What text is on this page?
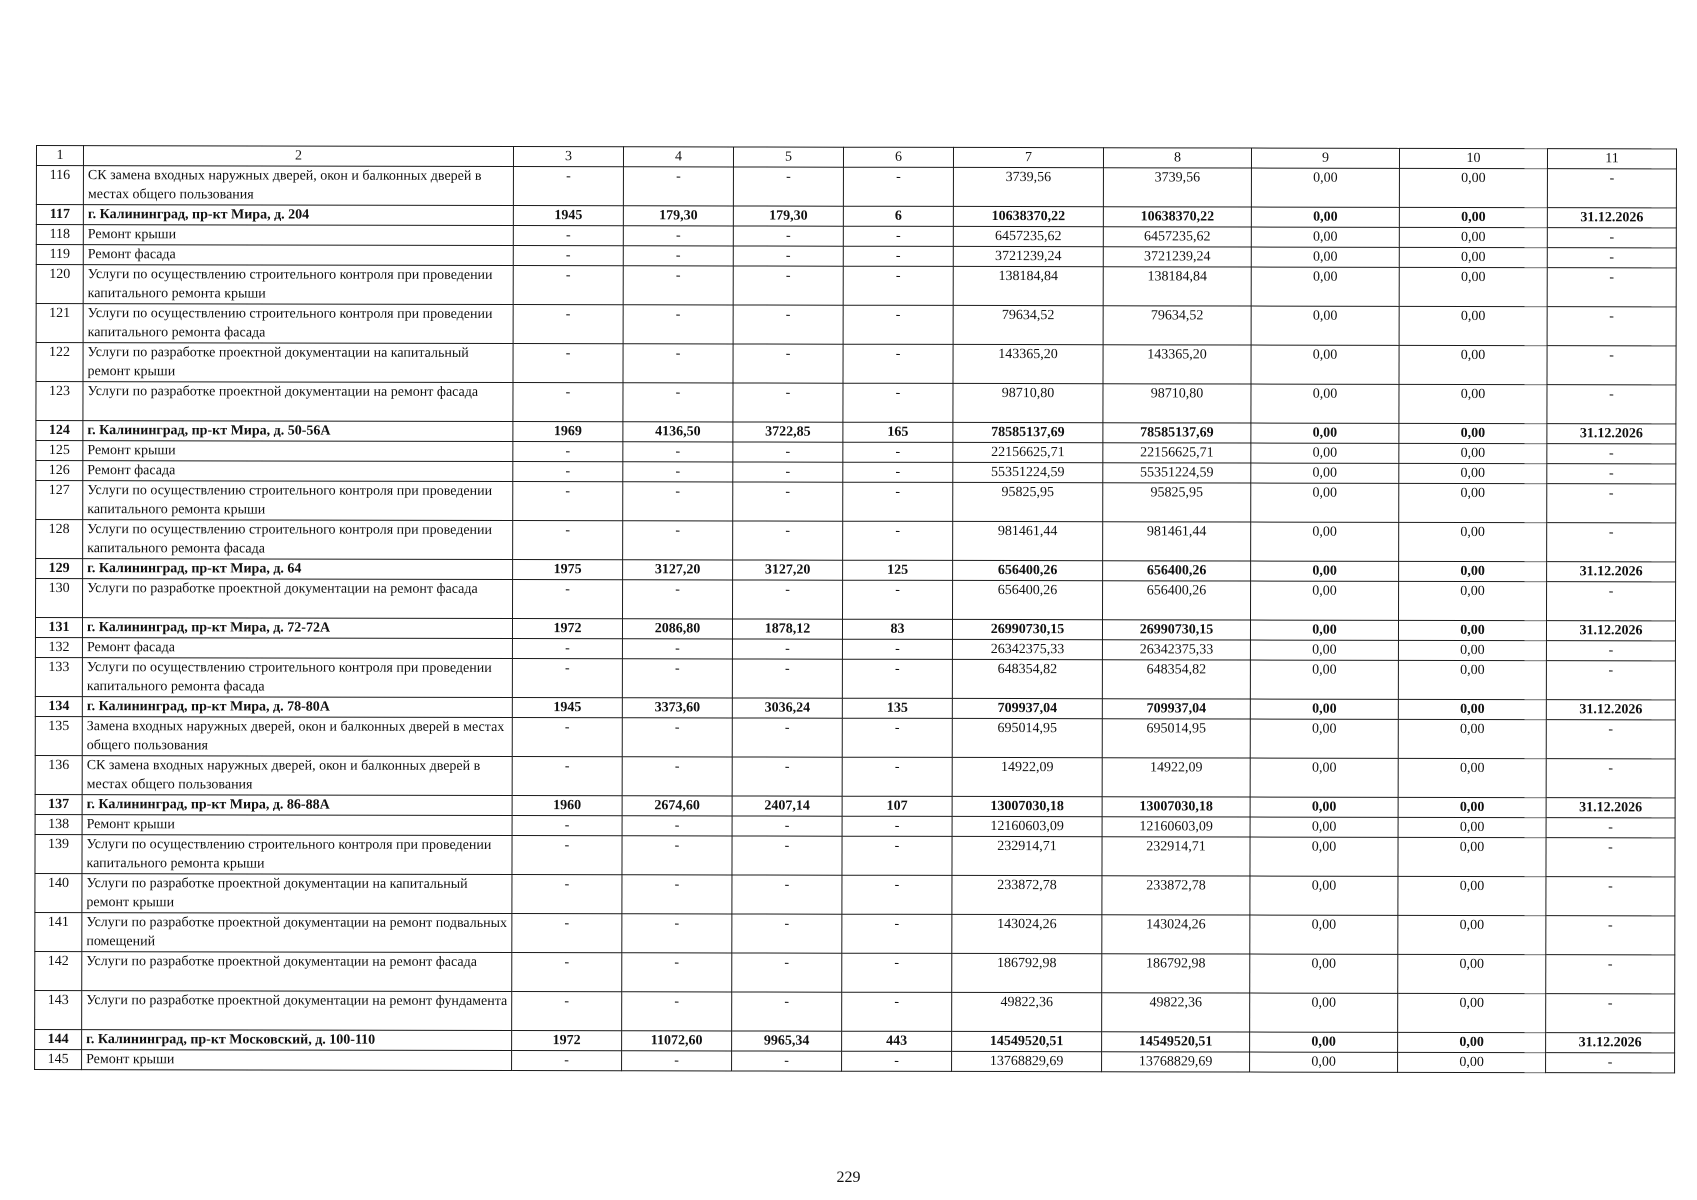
1	2	3	4	5	6	7	8	9	10	11
116	СК замена входных наружных дверей, окон и балконных дверей в местах общего пользования	-	-	-	-	3739,56	3739,56	0,00	0,00	-
117	г. Калининград, пр-кт Мира, д. 204	1945	179,30	179,30	6	10638370,22	10638370,22	0,00	0,00	31.12.2026
118	Ремонт крыши	-	-	-	-	6457235,62	6457235,62	0,00	0,00	-
119	Ремонт фасада	-	-	-	-	3721239,24	3721239,24	0,00	0,00	-
120	Услуги по осуществлению строительного контроля при проведении капитального ремонта крыши	-	-	-	-	138184,84	138184,84	0,00	0,00	-
121	Услуги по осуществлению строительного контроля при проведении капитального ремонта фасада	-	-	-	-	79634,52	79634,52	0,00	0,00	-
122	Услуги по разработке проектной документации на капитальный ремонт крыши	-	-	-	-	143365,20	143365,20	0,00	0,00	-
123	Услуги по разработке проектной документации на ремонт фасада	-	-	-	-	98710,80	98710,80	0,00	0,00	-
124	г. Калининград, пр-кт Мира, д. 50-56А	1969	4136,50	3722,85	165	78585137,69	78585137,69	0,00	0,00	31.12.2026
125	Ремонт крыши	-	-	-	-	22156625,71	22156625,71	0,00	0,00	-
126	Ремонт фасада	-	-	-	-	55351224,59	55351224,59	0,00	0,00	-
127	Услуги по осуществлению строительного контроля при проведении капитального ремонта крыши	-	-	-	-	95825,95	95825,95	0,00	0,00	-
128	Услуги по осуществлению строительного контроля при проведении капитального ремонта фасада	-	-	-	-	981461,44	981461,44	0,00	0,00	-
129	г. Калининград, пр-кт Мира, д. 64	1975	3127,20	3127,20	125	656400,26	656400,26	0,00	0,00	31.12.2026
130	Услуги по разработке проектной документации на ремонт фасада	-	-	-	-	656400,26	656400,26	0,00	0,00	-
131	г. Калининград, пр-кт Мира, д. 72-72А	1972	2086,80	1878,12	83	26990730,15	26990730,15	0,00	0,00	31.12.2026
132	Ремонт фасада	-	-	-	-	26342375,33	26342375,33	0,00	0,00	-
133	Услуги по осуществлению строительного контроля при проведении капитального ремонта фасада	-	-	-	-	648354,82	648354,82	0,00	0,00	-
134	г. Калининград, пр-кт Мира, д. 78-80А	1945	3373,60	3036,24	135	709937,04	709937,04	0,00	0,00	31.12.2026
135	Замена входных наружных дверей, окон и балконных дверей в местах общего пользования	-	-	-	-	695014,95	695014,95	0,00	0,00	-
136	СК замена входных наружных дверей, окон и балконных дверей в местах общего пользования	-	-	-	-	14922,09	14922,09	0,00	0,00	-
137	г. Калининград, пр-кт Мира, д. 86-88А	1960	2674,60	2407,14	107	13007030,18	13007030,18	0,00	0,00	31.12.2026
138	Ремонт крыши	-	-	-	-	12160603,09	12160603,09	0,00	0,00	-
139	Услуги по осуществлению строительного контроля при проведении капитального ремонта крыши	-	-	-	-	232914,71	232914,71	0,00	0,00	-
140	Услуги по разработке проектной документации на капитальный ремонт крыши	-	-	-	-	233872,78	233872,78	0,00	0,00	-
141	Услуги по разработке проектной документации на ремонт подвальных помещений	-	-	-	-	143024,26	143024,26	0,00	0,00	-
142	Услуги по разработке проектной документации на ремонт фасада	-	-	-	-	186792,98	186792,98	0,00	0,00	-
143	Услуги по разработке проектной документации на ремонт фундамента	-	-	-	-	49822,36	49822,36	0,00	0,00	-
144	г. Калининград, пр-кт Московский, д. 100-110	1972	11072,60	9965,34	443	14549520,51	14549520,51	0,00	0,00	31.12.2026
145	Ремонт крыши	-	-	-	-	13768829,69	13768829,69	0,00	0,00	-
229
